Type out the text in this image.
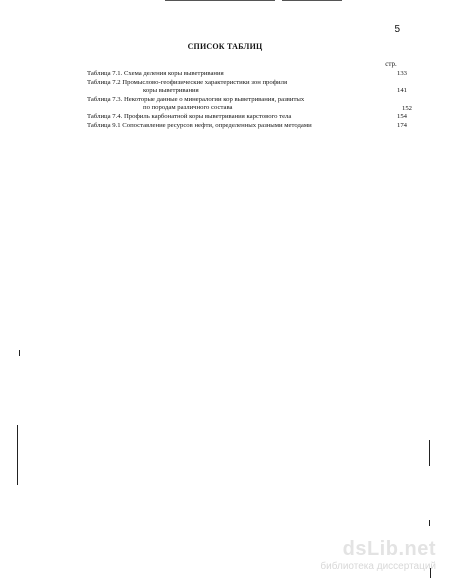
5
СПИСОК ТАБЛИЦ
стр.
Таблица 7.1. Схема деления коры выветривания	133
Таблица 7.2 Промыслово-геофизические характеристики зон профиля
коры выветривания	141
Таблица 7.3. Некоторые данные о минералогии кор выветривания, развитых
по породам различного состава	152
Таблица 7.4. Профиль карбонатной коры выветривания карстового тела	154
Таблица 9.1 Сопоставление ресурсов нефти, определенных разными методами	174
dsLib.net
библиотека диссертаций
